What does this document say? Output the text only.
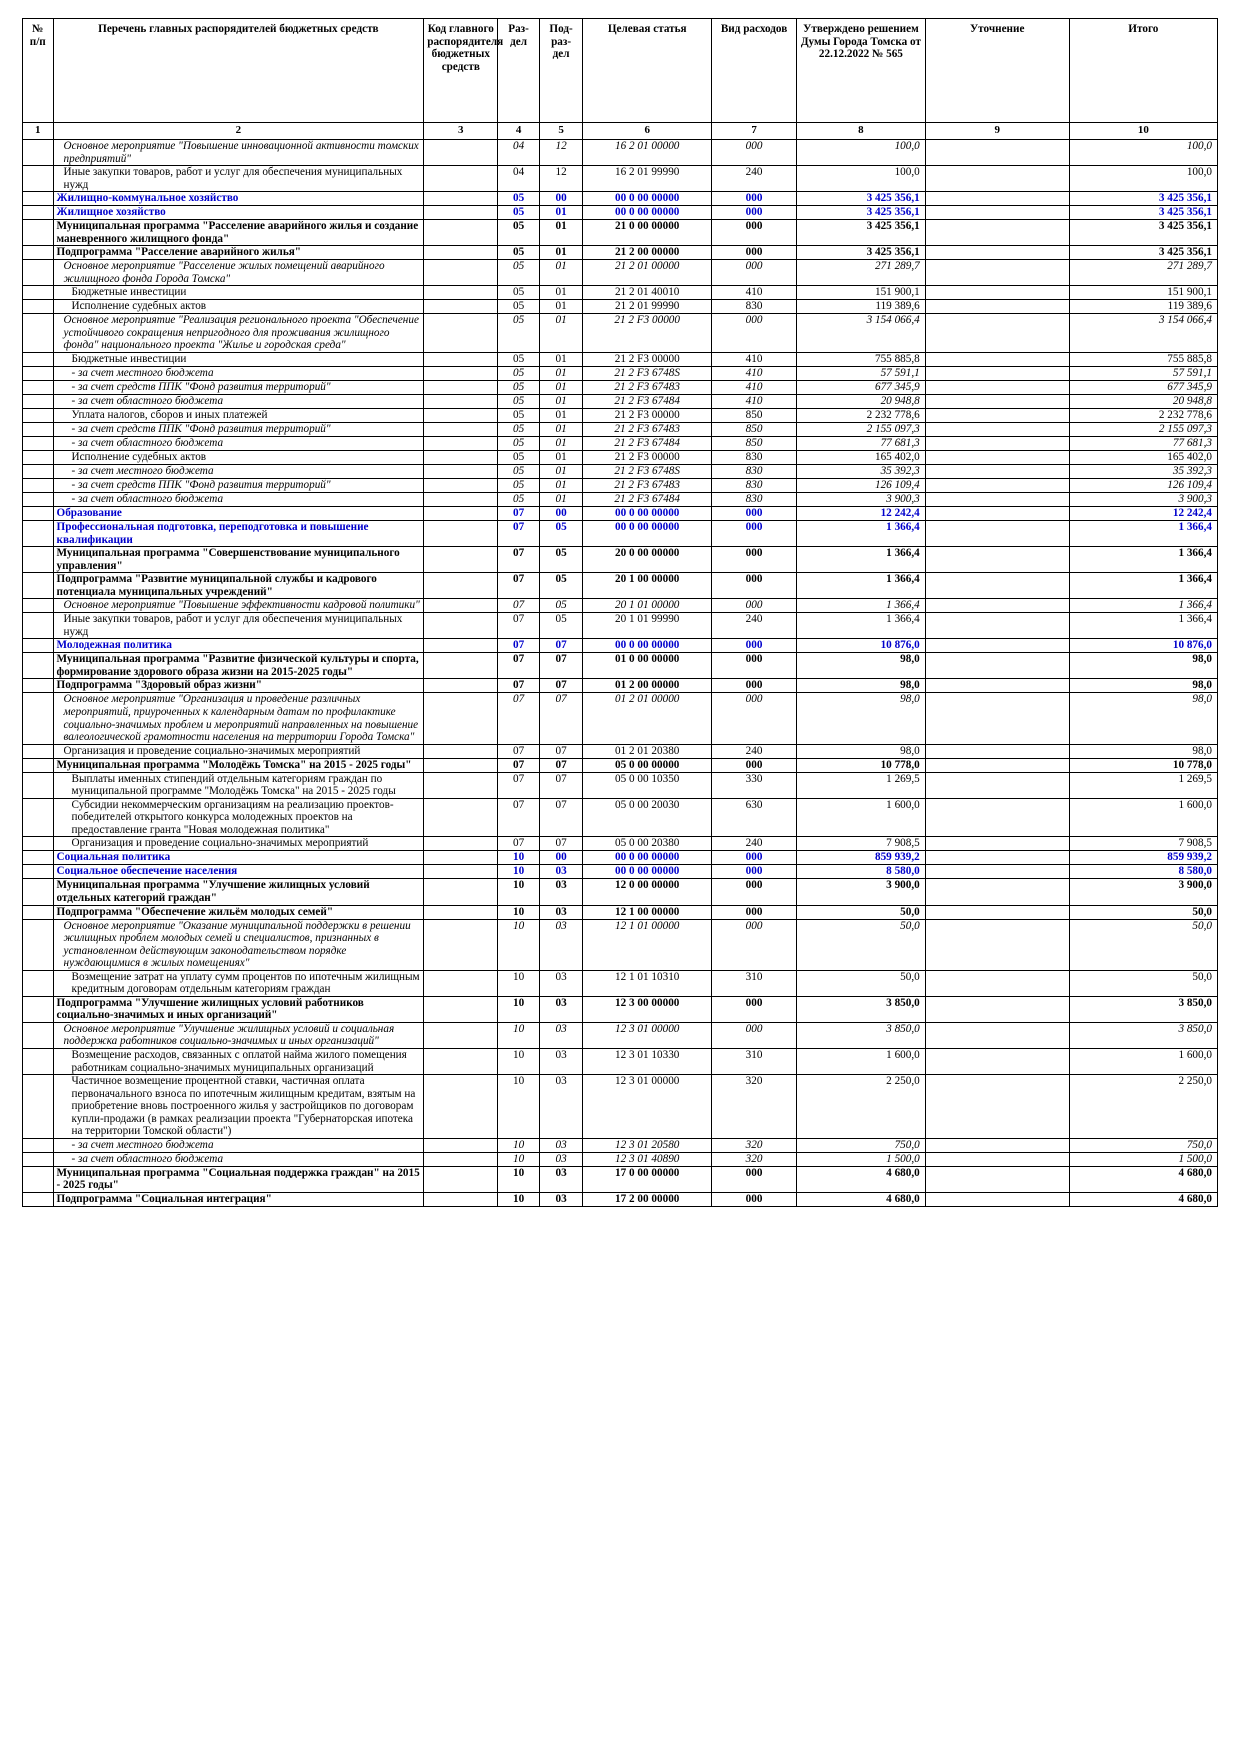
№ п/п	Перечень главных распорядителей бюджетных средств	Код главного распорядителя бюджетных средств	Раз-дел	Под-раз-дел	Целевая статья	Вид расходов	Утверждено решением Думы Города Томска от 22.12.2022 № 565	Уточнение	Итого
1	2	3	4	5	6	7	8	9	10
	Основное мероприятие "Повышение инновационной активности томских предприятий"		04	12	16 2 01 00000	000	100,0		100,0
	Иные закупки товаров, работ и услуг для обеспечения муниципальных нужд		04	12	16 2 01 99990	240	100,0		100,0
	Жилищно-коммунальное хозяйство		05	00	00 0 00 00000	000	3 425 356,1		3 425 356,1
	Жилищное хозяйство		05	01	00 0 00 00000	000	3 425 356,1		3 425 356,1
	Муниципальная программа "Расселение аварийного жилья и создание маневренного жилищного фонда"		05	01	21 0 00 00000	000	3 425 356,1		3 425 356,1
	Подпрограмма "Расселение аварийного жилья"		05	01	21 2 00 00000	000	3 425 356,1		3 425 356,1
	Основное мероприятие "Расселение жилых помещений аварийного жилищного фонда Города Томска"		05	01	21 2 01 00000	000	271 289,7		271 289,7
	Бюджетные инвестиции		05	01	21 2 01 40010	410	151 900,1		151 900,1
	Исполнение судебных актов		05	01	21 2 01 99990	830	119 389,6		119 389,6
	Основное мероприятие "Реализация регионального проекта "Обеспечение устойчивого сокращения непригодного для проживания жилищного фонда" национального проекта "Жилье и городская среда"		05	01	21 2 F3 00000	000	3 154 066,4		3 154 066,4
	Бюджетные инвестиции		05	01	21 2 F3 00000	410	755 885,8		755 885,8
	- за счет местного бюджета		05	01	21 2 F3 6748S	410	57 591,1		57 591,1
	- за счет средств ППК "Фонд развития территорий"		05	01	21 2 F3 67483	410	677 345,9		677 345,9
	- за счет областного бюджета		05	01	21 2 F3 67484	410	20 948,8		20 948,8
	Уплата налогов, сборов и иных платежей		05	01	21 2 F3 00000	850	2 232 778,6		2 232 778,6
	- за счет средств ППК "Фонд развития территорий"		05	01	21 2 F3 67483	850	2 155 097,3		2 155 097,3
	- за счет областного бюджета		05	01	21 2 F3 67484	850	77 681,3		77 681,3
	Исполнение судебных актов		05	01	21 2 F3 00000	830	165 402,0		165 402,0
	- за счет местного бюджета		05	01	21 2 F3 6748S	830	35 392,3		35 392,3
	- за счет средств ППК "Фонд развития территорий"		05	01	21 2 F3 67483	830	126 109,4		126 109,4
	- за счет областного бюджета		05	01	21 2 F3 67484	830	3 900,3		3 900,3
	Образование		07	00	00 0 00 00000	000	12 242,4		12 242,4
	Профессиональная подготовка, переподготовка и повышение квалификации		07	05	00 0 00 00000	000	1 366,4		1 366,4
	Муниципальная программа "Совершенствование муниципального управления"		07	05	20 0 00 00000	000	1 366,4		1 366,4
	Подпрограмма "Развитие муниципальной службы и кадрового потенциала муниципальных учреждений"		07	05	20 1 00 00000	000	1 366,4		1 366,4
	Основное мероприятие "Повышение эффективности кадровой политики"		07	05	20 1 01 00000	000	1 366,4		1 366,4
	Иные закупки товаров, работ и услуг для обеспечения муниципальных нужд		07	05	20 1 01 99990	240	1 366,4		1 366,4
	Молодежная политика		07	07	00 0 00 00000	000	10 876,0		10 876,0
	Муниципальная программа "Развитие физической культуры и спорта, формирование здорового образа жизни на 2015-2025 годы"		07	07	01 0 00 00000	000	98,0		98,0
	Подпрограмма "Здоровый образ жизни"		07	07	01 2 00 00000	000	98,0		98,0
	Основное мероприятие "Организация и проведение различных мероприятий, приуроченных к календарным датам по профилактике социально-значимых проблем и мероприятий направленных на повышение валеологической грамотности населения на территории Города Томска"		07	07	01 2 01 00000	000	98,0		98,0
	Организация и проведение социально-значимых мероприятий		07	07	01 2 01 20380	240	98,0		98,0
	Муниципальная программа "Молодёжь Томска" на 2015 - 2025 годы"		07	07	05 0 00 00000	000	10 778,0		10 778,0
	Выплаты именных стипендий отдельным категориям граждан по муниципальной программе "Молодёжь Томска" на 2015 - 2025 годы		07	07	05 0 00 10350	330	1 269,5		1 269,5
	Субсидии некоммерческим организациям на реализацию проектов-победителей открытого конкурса молодежных проектов на предоставление гранта "Новая молодежная политика"		07	07	05 0 00 20030	630	1 600,0		1 600,0
	Организация и проведение социально-значимых мероприятий		07	07	05 0 00 20380	240	7 908,5		7 908,5
	Социальная политика		10	00	00 0 00 00000	000	859 939,2		859 939,2
	Социальное обеспечение населения		10	03	00 0 00 00000	000	8 580,0		8 580,0
	Муниципальная программа "Улучшение жилищных условий отдельных категорий граждан"		10	03	12 0 00 00000	000	3 900,0		3 900,0
	Подпрограмма "Обеспечение жильём молодых семей"		10	03	12 1 00 00000	000	50,0		50,0
	Основное мероприятие "Оказание муниципальной поддержки в решении жилищных проблем молодых семей и специалистов, признанных в установленном действующим законодательством порядке нуждающимися в жилых помещениях"		10	03	12 1 01 00000	000	50,0		50,0
	Возмещение затрат на уплату сумм процентов по ипотечным жилищным кредитным договорам отдельным категориям граждан		10	03	12 1 01 10310	310	50,0		50,0
	Подпрограмма "Улучшение жилищных условий работников социально-значимых и иных организаций"		10	03	12 3 00 00000	000	3 850,0		3 850,0
	Основное мероприятие "Улучшение жилищных условий и социальная поддержка работников социально-значимых и иных организаций"		10	03	12 3 01 00000	000	3 850,0		3 850,0
	Возмещение расходов, связанных с оплатой найма жилого помещения работникам социально-значимых муниципальных организаций		10	03	12 3 01 10330	310	1 600,0		1 600,0
	Частичное возмещение процентной ставки, частичная оплата первоначального взноса по ипотечным жилищным кредитам, взятым на приобретение вновь построенного жилья у застройщиков по договорам купли-продажи (в рамках реализации проекта "Губернаторская ипотека на территории Томской области")		10	03	12 3 01 00000	320	2 250,0		2 250,0
	- за счет местного бюджета		10	03	12 3 01 20580	320	750,0		750,0
	- за счет областного бюджета		10	03	12 3 01 40890	320	1 500,0		1 500,0
	Муниципальная программа "Социальная поддержка граждан" на 2015 - 2025 годы"		10	03	17 0 00 00000	000	4 680,0		4 680,0
	Подпрограмма "Социальная интеграция"		10	03	17 2 00 00000	000	4 680,0		4 680,0
